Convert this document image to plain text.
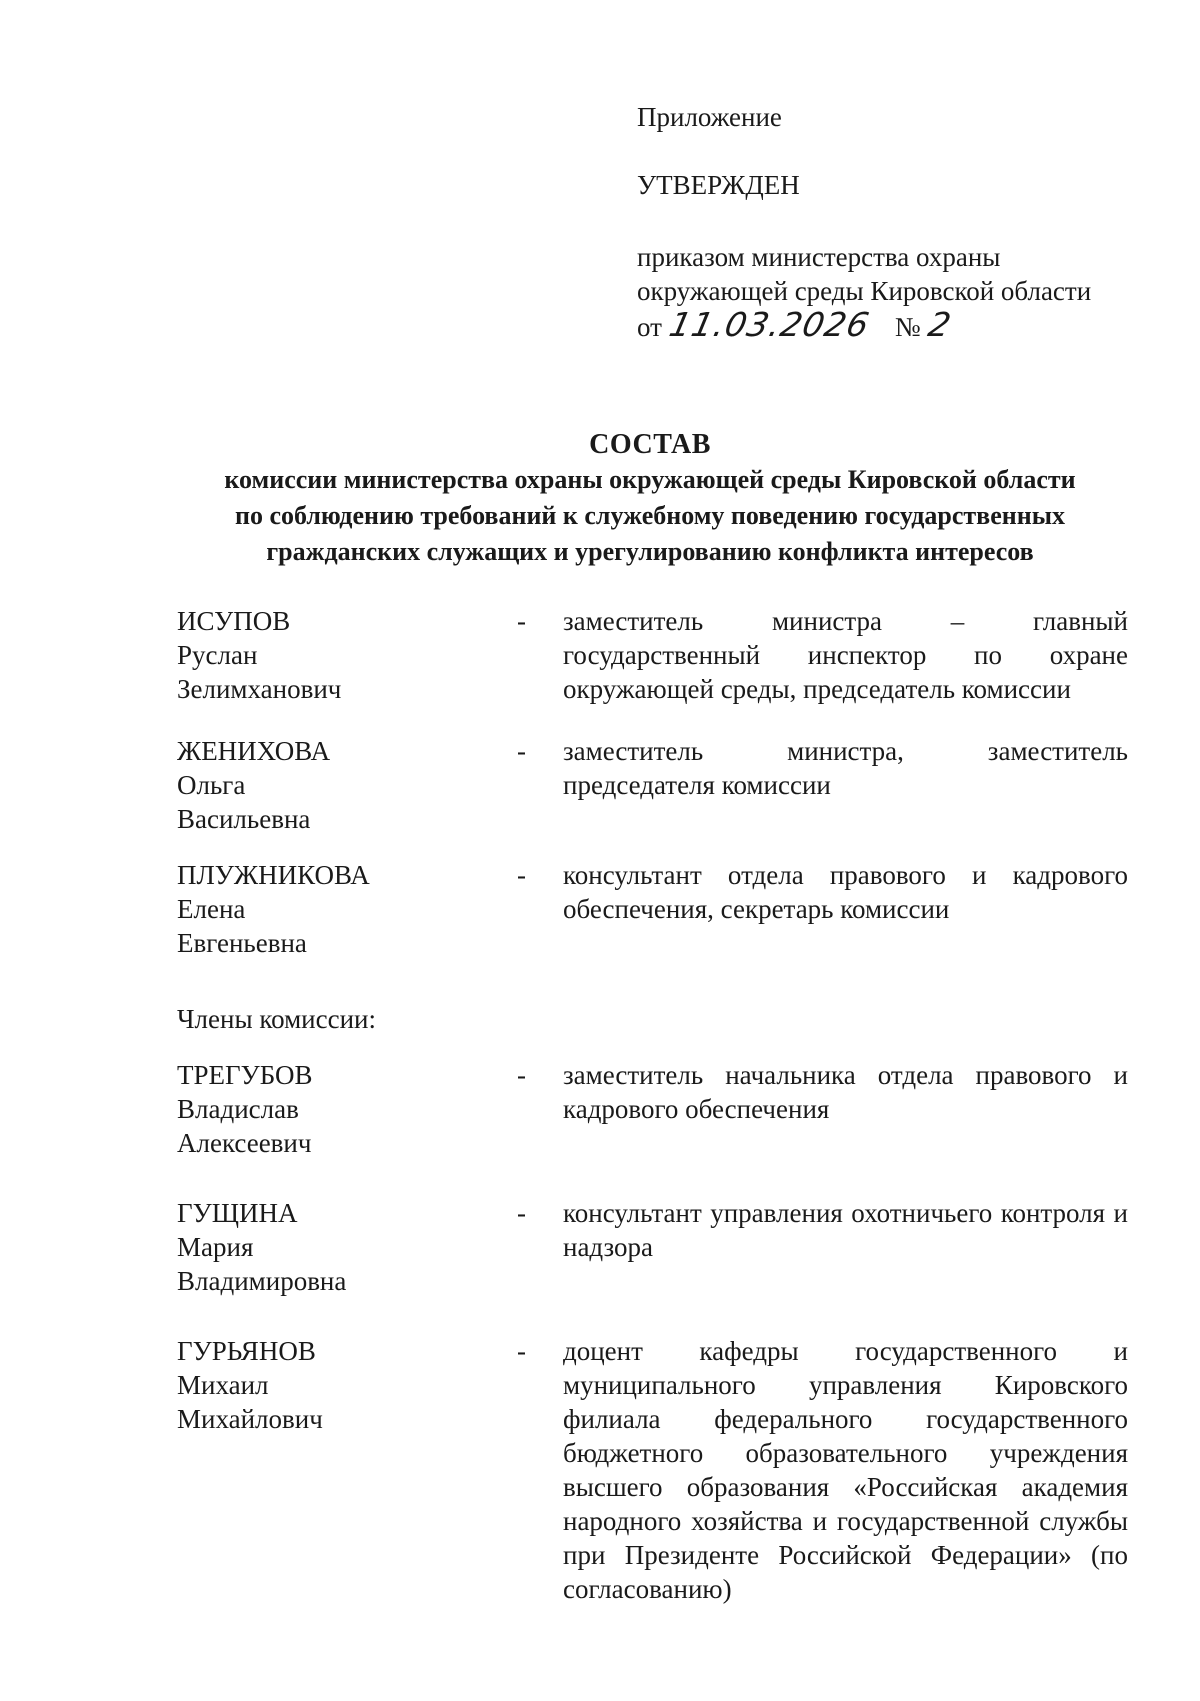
Приложение
УТВЕРЖДЕН
приказом министерства охраны
окружающей среды Кировской области
от 11.03.2026 № 2
СОСТАВ
комиссии министерства охраны окружающей среды Кировской области
по соблюдению требований к служебному поведению государственных
гражданских служащих и урегулированию конфликта интересов
ИСУПОВ
Руслан
Зелимханович
- заместитель министра – главный государственный инспектор по охране окружающей среды, председатель комиссии
ЖЕНИХОВА
Ольга
Васильевна
- заместитель министра, заместитель председателя комиссии
ПЛУЖНИКОВА
Елена
Евгеньевна
- консультант отдела правового и кадрового обеспечения, секретарь комиссии
ТРЕГУБОВ
Владислав
Алексеевич
- заместитель начальника отдела правового и кадрового обеспечения
ГУЩИНА
Мария
Владимировна
- консультант управления охотничьего контроля и надзора
ГУРЬЯНОВ
Михаил
Михайлович
- доцент кафедры государственного и муниципального управления Кировского филиала федерального государственного бюджетного образовательного учреждения высшего образования «Российская академия народного хозяйства и государственной службы при Президенте Российской Федерации» (по согласованию)
Члены комиссии:
